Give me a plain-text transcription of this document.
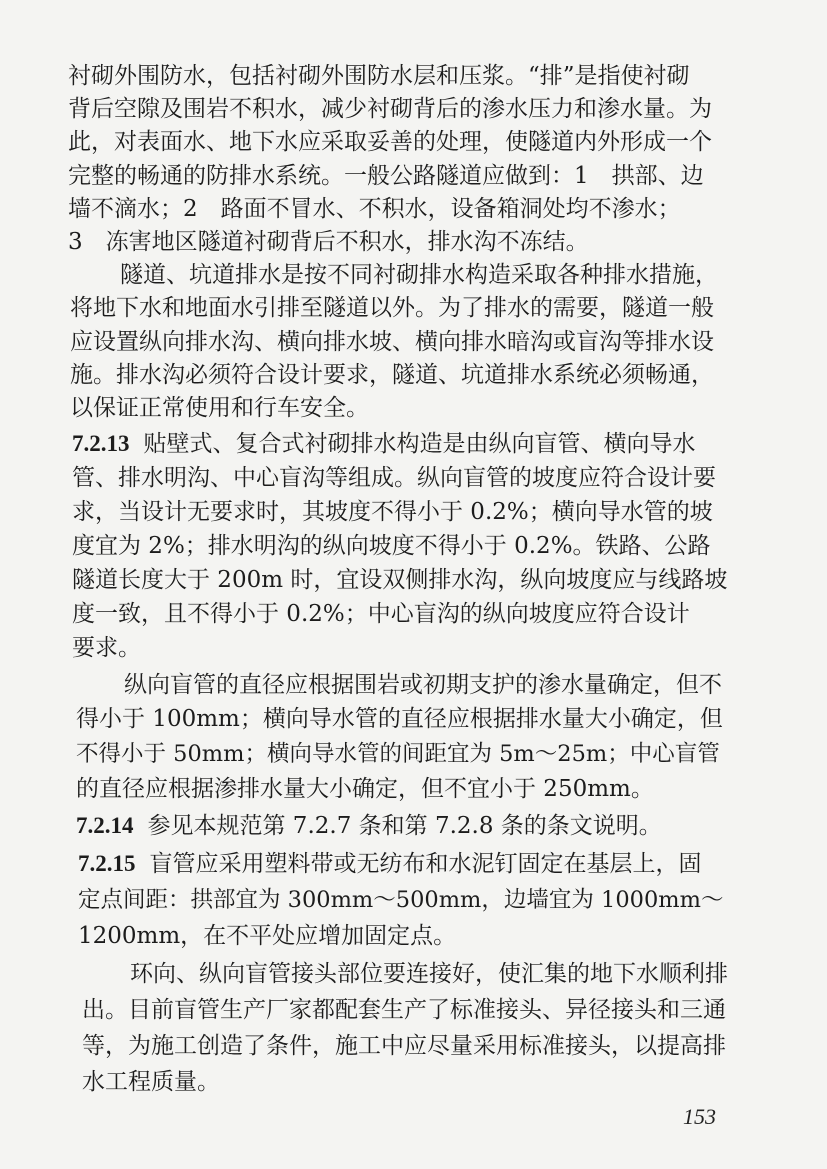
衬砌外围防水，包括衬砌外围防水层和压浆。“排”是指使衬砌
背后空隙及围岩不积水，减少衬砌背后的渗水压力和渗水量。为
此，对表面水、地下水应采取妥善的处理，使隧道内外形成一个
完整的畅通的防排水系统。一般公路隧道应做到：1　拱部、边
墙不滴水；2　路面不冒水、不积水，设备箱洞处均不渗水；
3　冻害地区隧道衬砌背后不积水，排水沟不冻结。
隧道、坑道排水是按不同衬砌排水构造采取各种排水措施，
将地下水和地面水引排至隧道以外。为了排水的需要，隧道一般
应设置纵向排水沟、横向排水坡、横向排水暗沟或盲沟等排水设
施。排水沟必须符合设计要求，隧道、坑道排水系统必须畅通，
以保证正常使用和行车安全。
7.2.13 贴壁式、复合式衬砌排水构造是由纵向盲管、横向导水
管、排水明沟、中心盲沟等组成。纵向盲管的坡度应符合设计要
求，当设计无要求时，其坡度不得小于 0.2%；横向导水管的坡
度宜为 2%；排水明沟的纵向坡度不得小于 0.2%。铁路、公路
隧道长度大于 200m 时，宜设双侧排水沟，纵向坡度应与线路坡
度一致，且不得小于 0.2%；中心盲沟的纵向坡度应符合设计
要求。
纵向盲管的直径应根据围岩或初期支护的渗水量确定，但不
得小于 100mm；横向导水管的直径应根据排水量大小确定，但
不得小于 50mm；横向导水管的间距宜为 5m～25m；中心盲管
的直径应根据渗排水量大小确定，但不宜小于 250mm。
7.2.14 参见本规范第 7.2.7 条和第 7.2.8 条的条文说明。
7.2.15 盲管应采用塑料带或无纺布和水泥钉固定在基层上，固
定点间距：拱部宜为 300mm～500mm，边墙宜为 1000mm～
1200mm，在不平处应增加固定点。
环向、纵向盲管接头部位要连接好，使汇集的地下水顺利排
出。目前盲管生产厂家都配套生产了标准接头、异径接头和三通
等，为施工创造了条件，施工中应尽量采用标准接头，以提高排
水工程质量。
153
